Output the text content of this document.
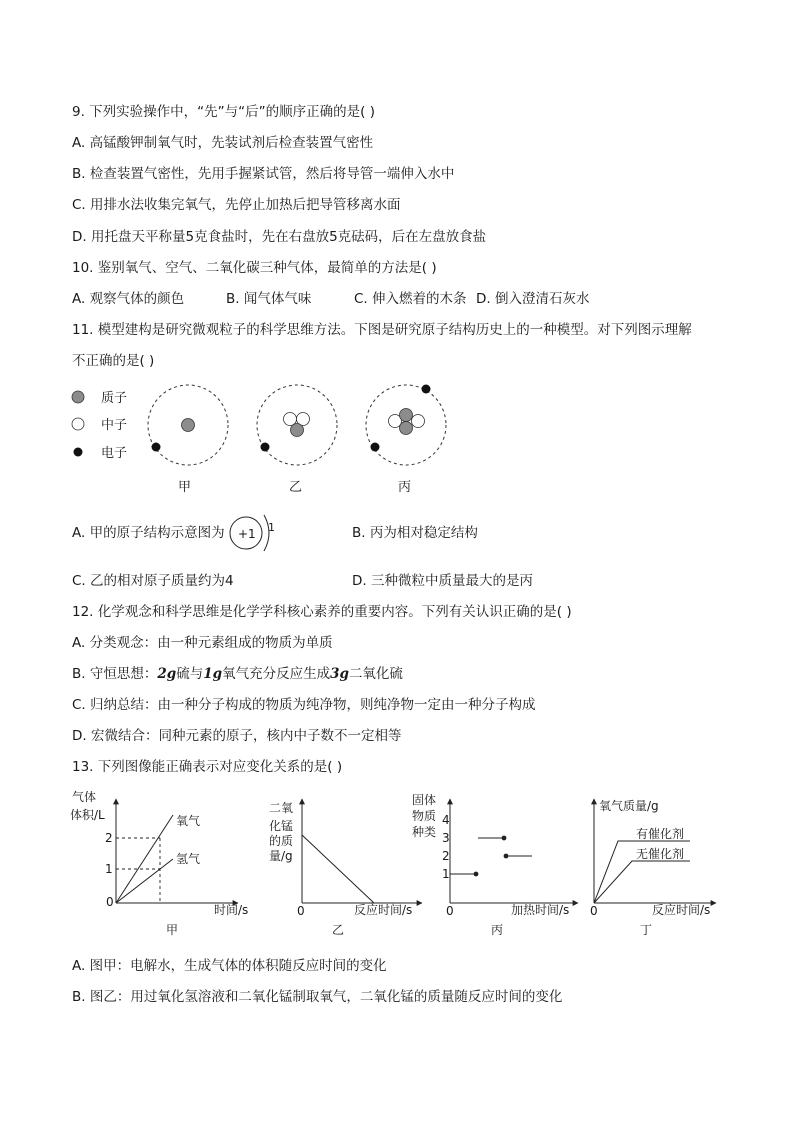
9. 下列实验操作中，“先”与“后”的顺序正确的是( )
A. 高锰酸钾制氧气时，先装试剂后检查装置气密性
B. 检查装置气密性，先用手握紧试管，然后将导管一端伸入水中
C. 用排水法收集完氧气，先停止加热后把导管移离水面
D. 用托盘天平称量5克食盐时，先在右盘放5克砝码，后在左盘放食盐
10. 鉴别氧气、空气、二氧化碳三种气体，最简单的方法是( )
A. 观察气体的颜色	B. 闻气体气味	C. 伸入燃着的木条 D. 倒入澄清石灰水
11. 模型建构是研究微观粒子的科学思维方法。下图是研究原子结构历史上的一种模型。对下列图示理解
不正确的是( )
质子
中子
电子
甲	乙	丙
A. 甲的原子结构示意图为 +1 1	B. 丙为相对稳定结构
C. 乙的相对原子质量约为4	D. 三种微粒中质量最大的是丙
12. 化学观念和科学思维是化学学科核心素养的重要内容。下列有关认识正确的是( )
A. 分类观念：由一种元素组成的物质为单质
B. 守恒思想：2g硫与1g氧气充分反应生成3g二氧化硫
C. 归纳总结：由一种分子构成的物质为纯净物，则纯净物一定由一种分子构成
D. 宏微结合：同种元素的原子，核内中子数不一定相等
13. 下列图像能正确表示对应变化关系的是( )
气体
体积/L
0
2
1
氧气
氢气
时间/s
甲
二氧
化锰
的质
量/g
0	反应时间/s
乙
固体
物质
种类
0
4
3
2
1
加热时间/s
丙
氧气质量/g
0
有催化剂
无催化剂
反应时间/s
丁
A. 图甲：电解水，生成气体的体积随反应时间的变化
B. 图乙：用过氧化氢溶液和二氧化锰制取氧气，二氧化锰的质量随反应时间的变化
